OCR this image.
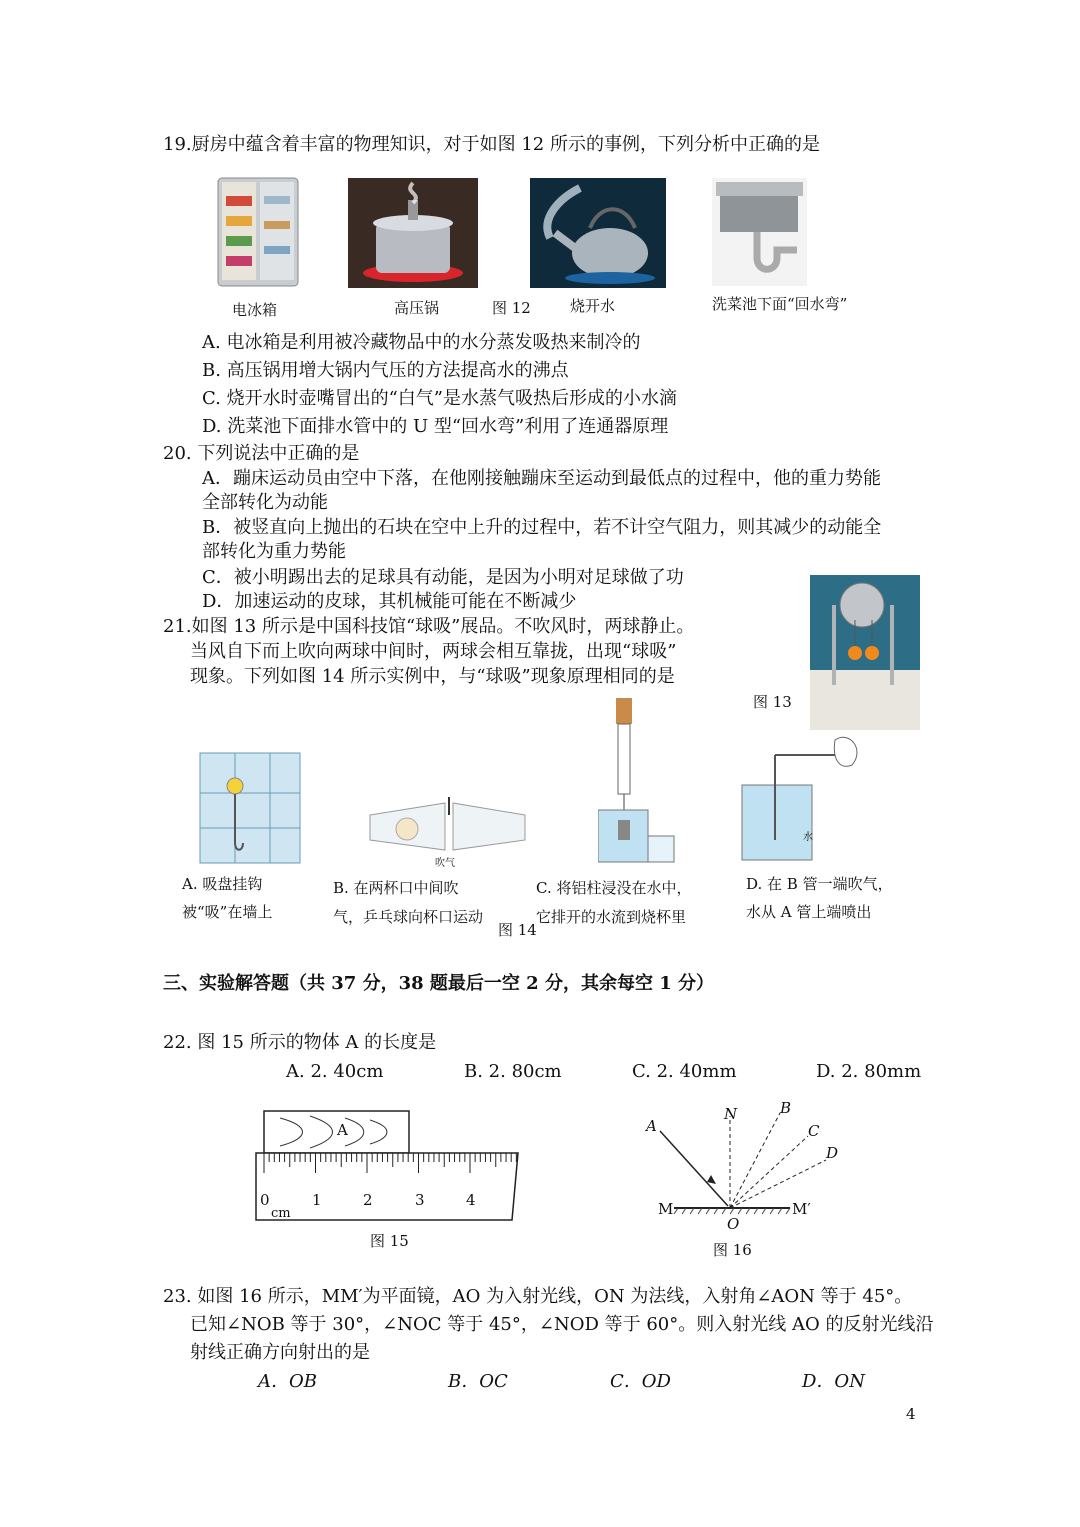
19.厨房中蕴含着丰富的物理知识，对于如图 12 所示的事例，下列分析中正确的是
电冰箱	高压锅	图 12	烧开水	洗菜池下面“回水弯”
A. 电冰箱是利用被冷藏物品中的水分蒸发吸热来制冷的
B. 高压锅用增大锅内气压的方法提高水的沸点
C. 烧开水时壶嘴冒出的“白气”是水蒸气吸热后形成的小水滴
D. 洗菜池下面排水管中的 U 型“回水弯”利用了连通器原理
20. 下列说法中正确的是
A．蹦床运动员由空中下落，在他刚接触蹦床至运动到最低点的过程中，他的重力势能
全部转化为动能
B．被竖直向上抛出的石块在空中上升的过程中，若不计空气阻力，则其减少的动能全
部转化为重力势能
C．被小明踢出去的足球具有动能，是因为小明对足球做了功
D．加速运动的皮球，其机械能可能在不断减少
21.如图 13 所示是中国科技馆“球吸”展品。不吹风时，两球静止。
当风自下而上吹向两球中间时，两球会相互靠拢，出现“球吸”
现象。下列如图 14 所示实例中，与“球吸”现象原理相同的是
图 13
吹气
水
A. 吸盘挂钩
被“吸”在墙上
B. 在两杯口中间吹
气，乒乓球向杯口运动
C. 将铝柱浸没在水中，
它排开的水流到烧杯里
D. 在 B 管一端吹气，
水从 A 管上端喷出
图 14
三、实验解答题（共 37 分，38 题最后一空 2 分，其余每空 1 分）
22. 图 15 所示的物体 A 的长度是
A. 2. 40cm	B. 2. 80cm	C. 2. 40mm	D. 2. 80mm
A
0	1	2	3	4
cm
图 15
A
N	B
C
D
M	M′
O
图 16
23. 如图 16 所示，MM′为平面镜，AO 为入射光线，ON 为法线，入射角∠AON 等于 45°。
已知∠NOB 等于 30°，∠NOC 等于 45°，∠NOD 等于 60°。则入射光线 AO 的反射光线沿
射线正确方向射出的是
A．OB	B．OC	C．OD	D．ON
4
